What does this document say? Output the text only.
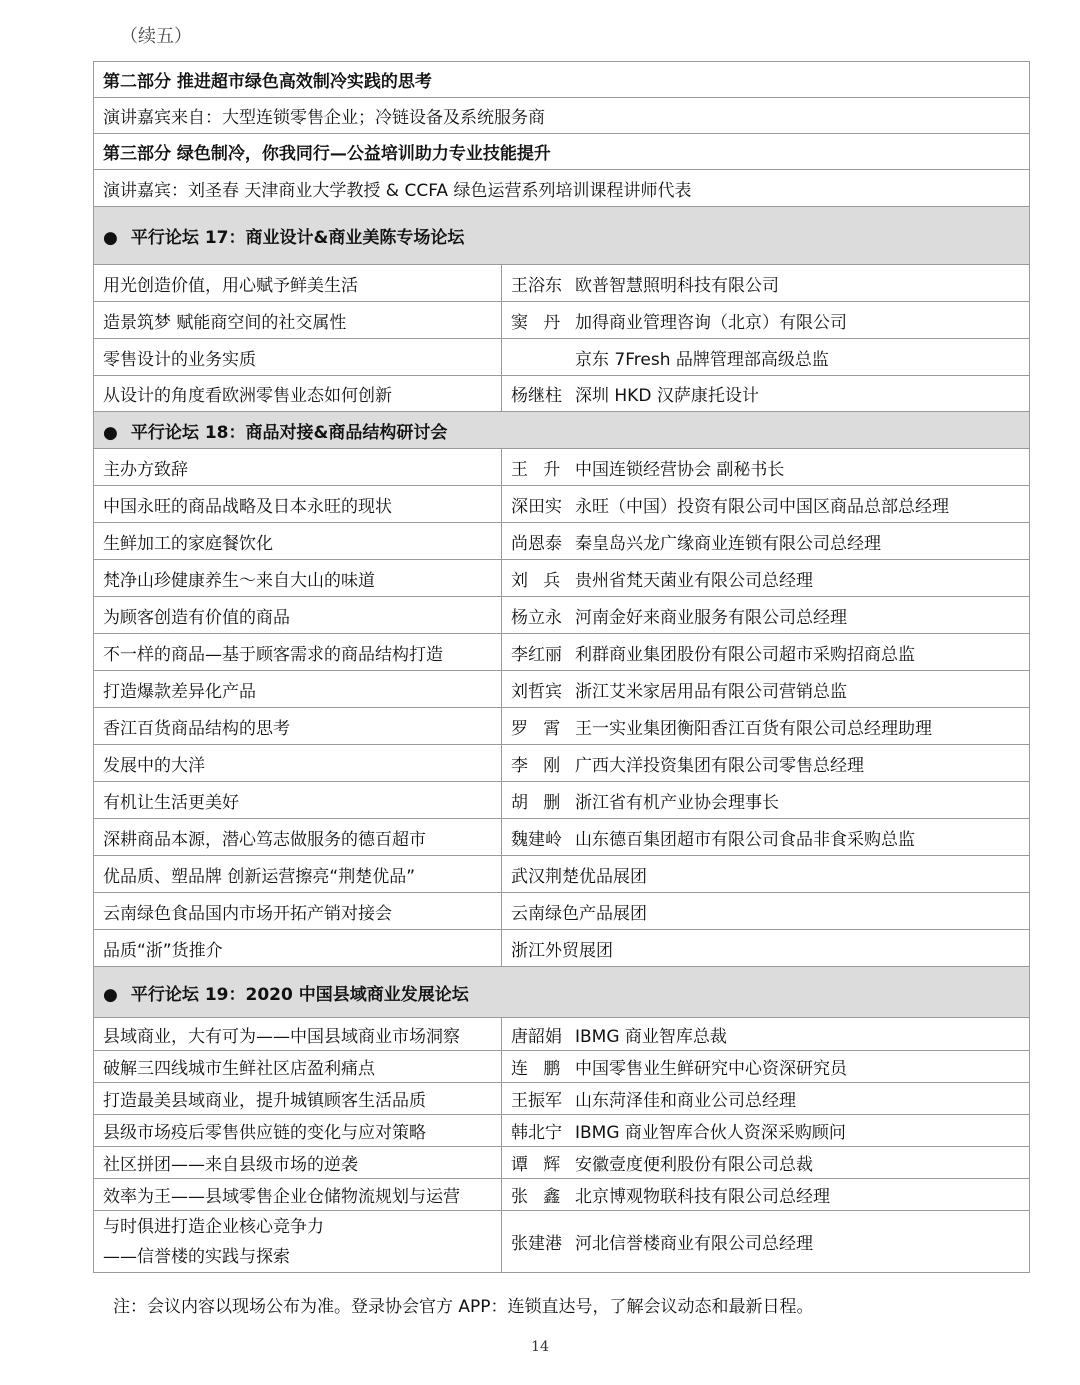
（续五）
第二部分 推进超市绿色高效制冷实践的思考	
演讲嘉宾来自：大型连锁零售企业；冷链设备及系统服务商	
第三部分 绿色制冷，你我同行—公益培训助力专业技能提升	
演讲嘉宾：刘圣春 天津商业大学教授 & CCFA 绿色运营系列培训课程讲师代表	
● 平行论坛 17：商业设计&商业美陈专场论坛	
用光创造价值，用心赋予鲜美生活	王浴东 欧普智慧照明科技有限公司
造景筑梦 赋能商空间的社交属性	窦丹加得商业管理咨询（北京）有限公司
零售设计的业务实质	京东 7Fresh 品牌管理部高级总监
从设计的角度看欧洲零售业态如何创新	杨继柱 深圳 HKD 汉萨康托设计
● 平行论坛 18：商品对接&商品结构研讨会	
主办方致辞	王升中国连锁经营协会 副秘书长
中国永旺的商品战略及日本永旺的现状	深田实 永旺（中国）投资有限公司中国区商品总部总经理
生鲜加工的家庭餐饮化	尚恩泰 秦皇岛兴龙广缘商业连锁有限公司总经理
梵净山珍健康养生～来自大山的味道	刘兵贵州省梵天菌业有限公司总经理
为顾客创造有价值的商品	杨立永 河南金好来商业服务有限公司总经理
不一样的商品—基于顾客需求的商品结构打造	李红丽 利群商业集团股份有限公司超市采购招商总监
打造爆款差异化产品	刘哲宾 浙江艾米家居用品有限公司营销总监
香江百货商品结构的思考	罗霄王一实业集团衡阳香江百货有限公司总经理助理
发展中的大洋	李刚广西大洋投资集团有限公司零售总经理
有机让生活更美好	胡删浙江省有机产业协会理事长
深耕商品本源，潜心笃志做服务的德百超市	魏建岭 山东德百集团超市有限公司食品非食采购总监
优品质、塑品牌 创新运营擦亮“荆楚优品”	武汉荆楚优品展团
云南绿色食品国内市场开拓产销对接会	云南绿色产品展团
品质“浙”货推介	浙江外贸展团
● 平行论坛 19：2020 中国县域商业发展论坛	
县域商业，大有可为——中国县域商业市场洞察	唐韶娟 IBMG 商业智库总裁
破解三四线城市生鲜社区店盈利痛点	连鹏中国零售业生鲜研究中心资深研究员
打造最美县域商业，提升城镇顾客生活品质	王振军 山东菏泽佳和商业公司总经理
县级市场疫后零售供应链的变化与应对策略	韩北宁 IBMG 商业智库合伙人资深采购顾问
社区拼团——来自县级市场的逆袭	谭辉安徽壹度便利股份有限公司总裁
效率为王——县域零售企业仓储物流规划与运营	张鑫北京博观物联科技有限公司总经理

与时俱进打造企业核心竞争力
——信誉楼的实践与探索	张建港 河北信誉楼商业有限公司总经理
注：会议内容以现场公布为准。登录协会官方 APP：连锁直达号，了解会议动态和最新日程。
14
